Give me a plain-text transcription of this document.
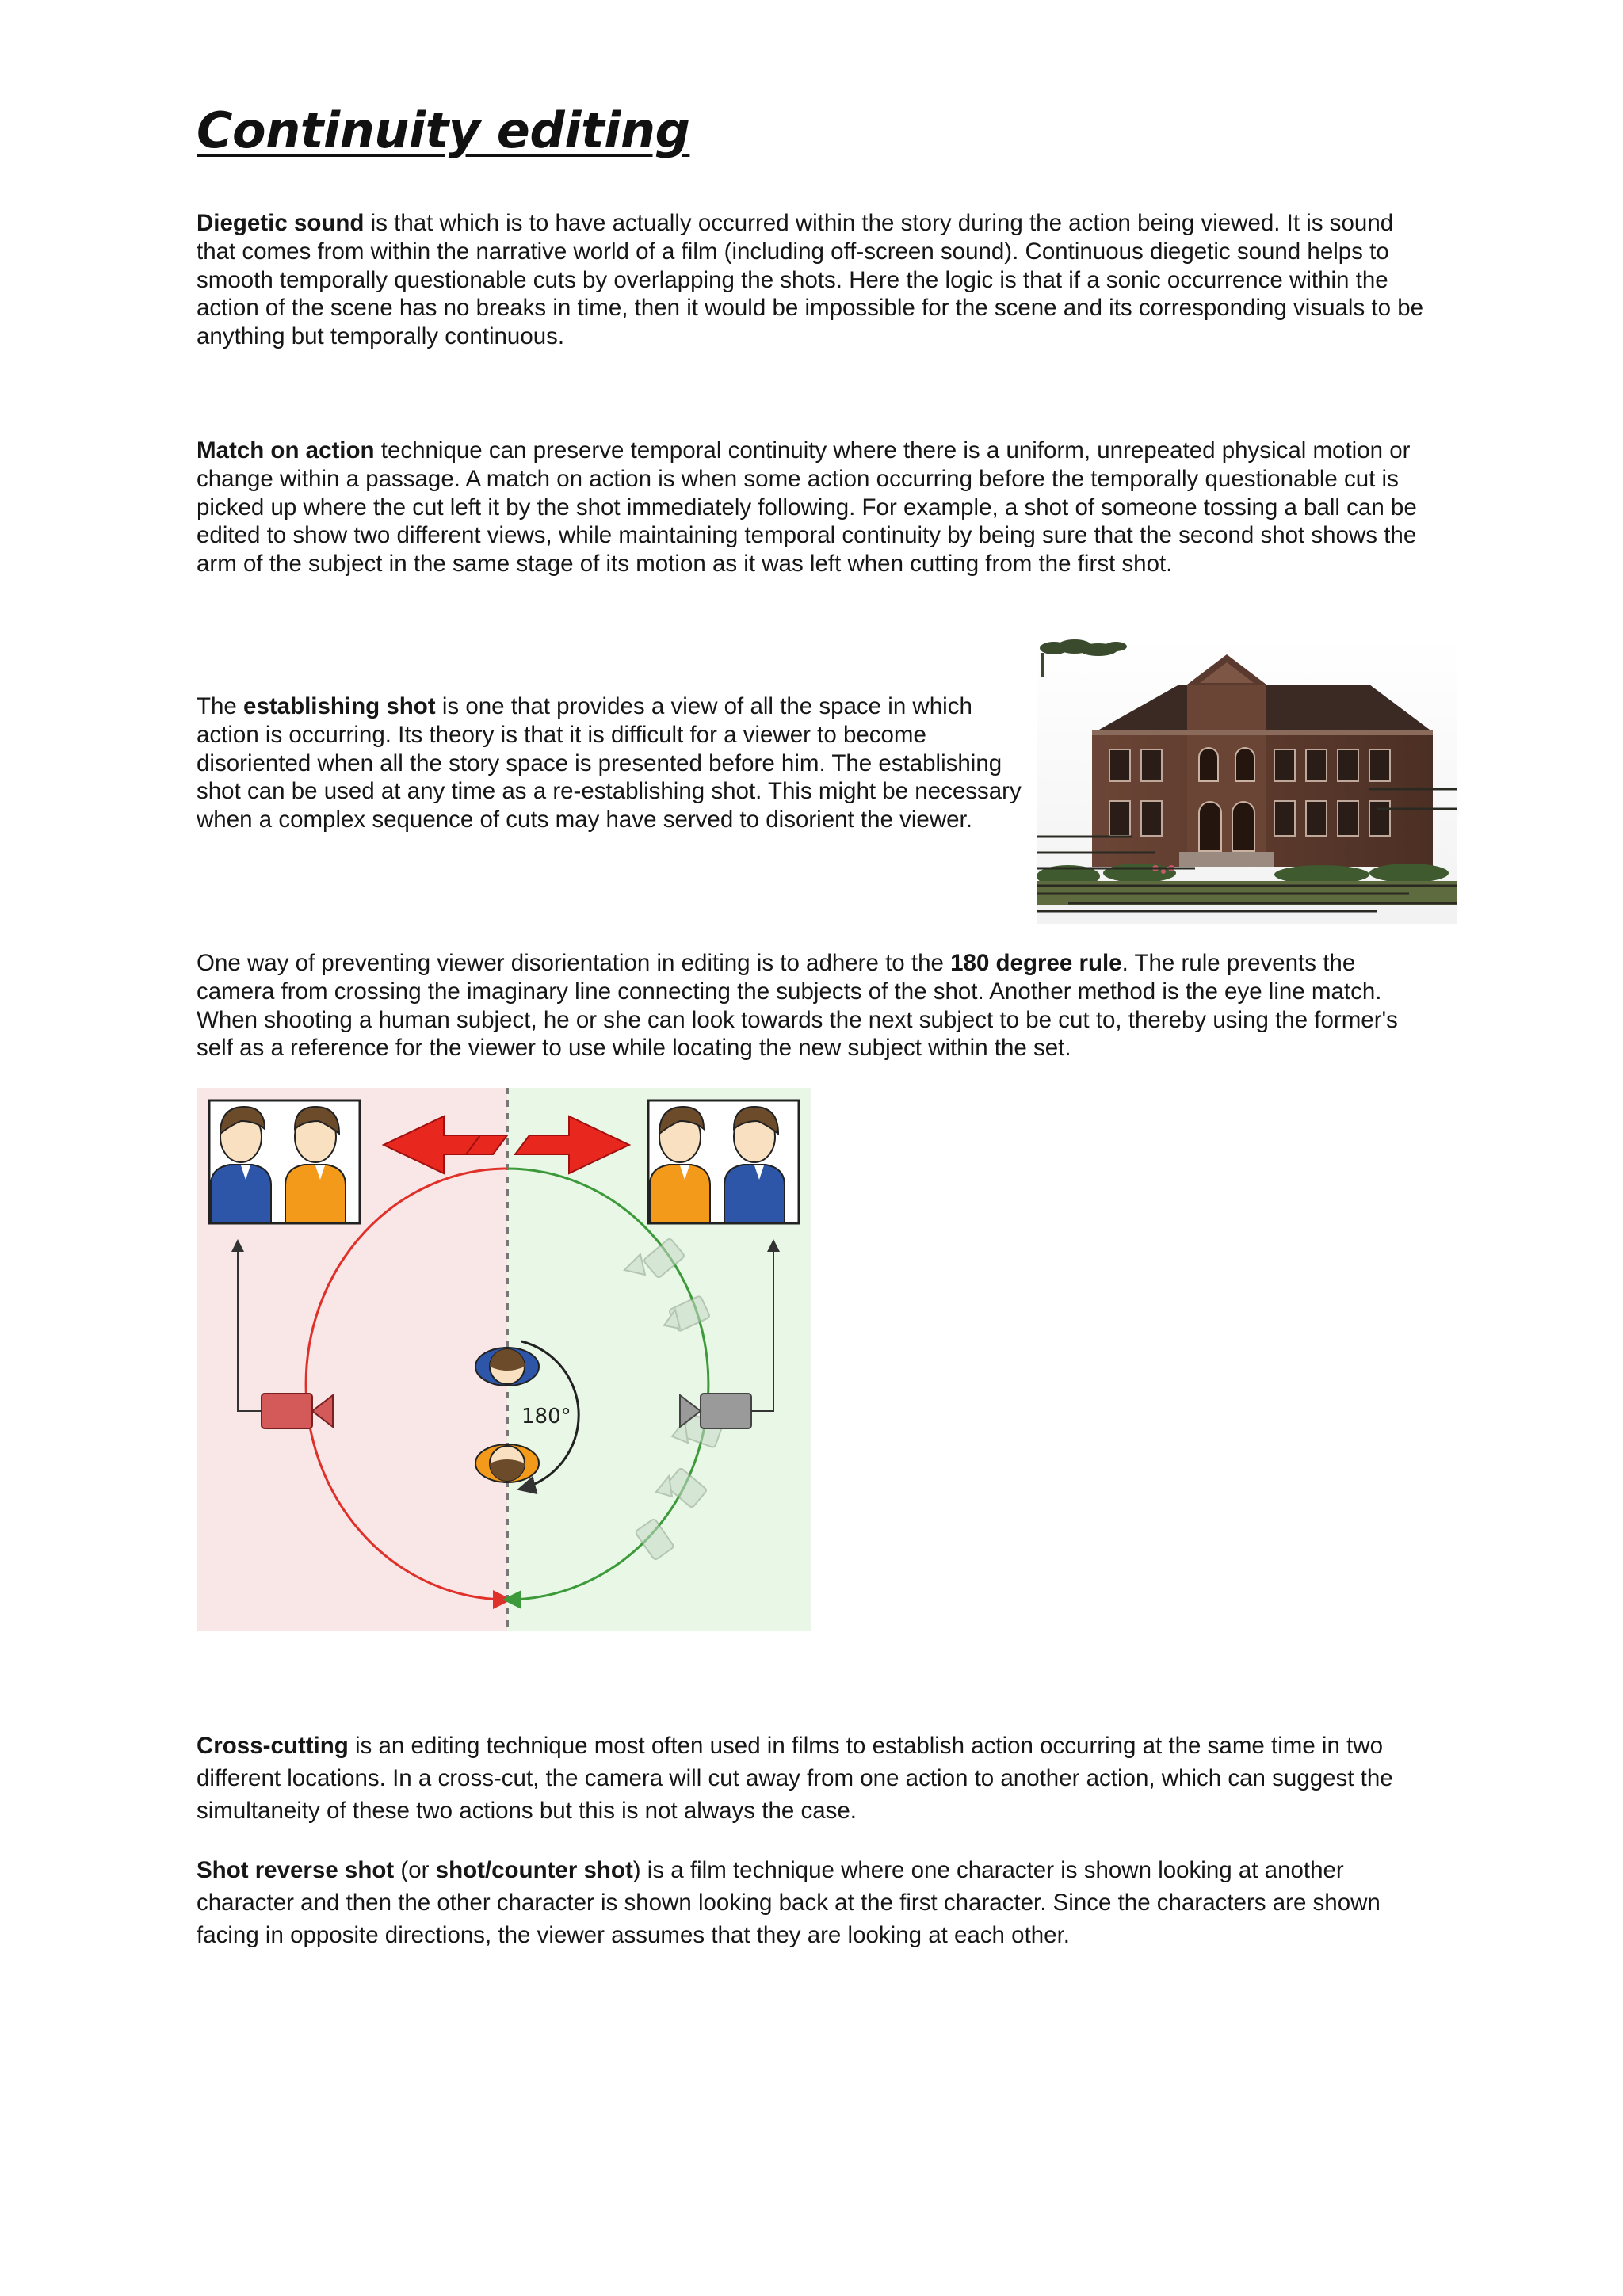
Continuity editing

Diegetic sound is that which is to have actually occurred within the story during the action being viewed. It is sound that comes from within the narrative world of a film (including off-screen sound). Continuous diegetic sound helps to smooth temporally questionable cuts by overlapping the shots. Here the logic is that if a sonic occurrence within the action of the scene has no breaks in time, then it would be impossible for the scene and its corresponding visuals to be anything but temporally continuous.

Match on action technique can preserve temporal continuity where there is a uniform, unrepeated physical motion or change within a passage. A match on action is when some action occurring before the temporally questionable cut is picked up where the cut left it by the shot immediately following. For example, a shot of someone tossing a ball can be edited to show two different views, while maintaining temporal continuity by being sure that the second shot shows the arm of the subject in the same stage of its motion as it was left when cutting from the first shot.

The establishing shot is one that provides a view of all the space in which action is occurring. Its theory is that it is difficult for a viewer to become disoriented when all the story space is presented before him. The establishing shot can be used at any time as a re-establishing shot. This might be necessary when a complex sequence of cuts may have served to disorient the viewer.

One way of preventing viewer disorientation in editing is to adhere to the 180 degree rule. The rule prevents the camera from crossing the imaginary line connecting the subjects of the shot. Another method is the eye line match. When shooting a human subject, he or she can look towards the next subject to be cut to, thereby using the former's self as a reference for the viewer to use while locating the new subject within the set.

180°

Cross-cutting is an editing technique most often used in films to establish action occurring at the same time in two different locations. In a cross-cut, the camera will cut away from one action to another action, which can suggest the simultaneity of these two actions but this is not always the case.

Shot reverse shot (or shot/counter shot) is a film technique where one character is shown looking at another character and then the other character is shown looking back at the first character. Since the characters are shown facing in opposite directions, the viewer assumes that they are looking at each other.
